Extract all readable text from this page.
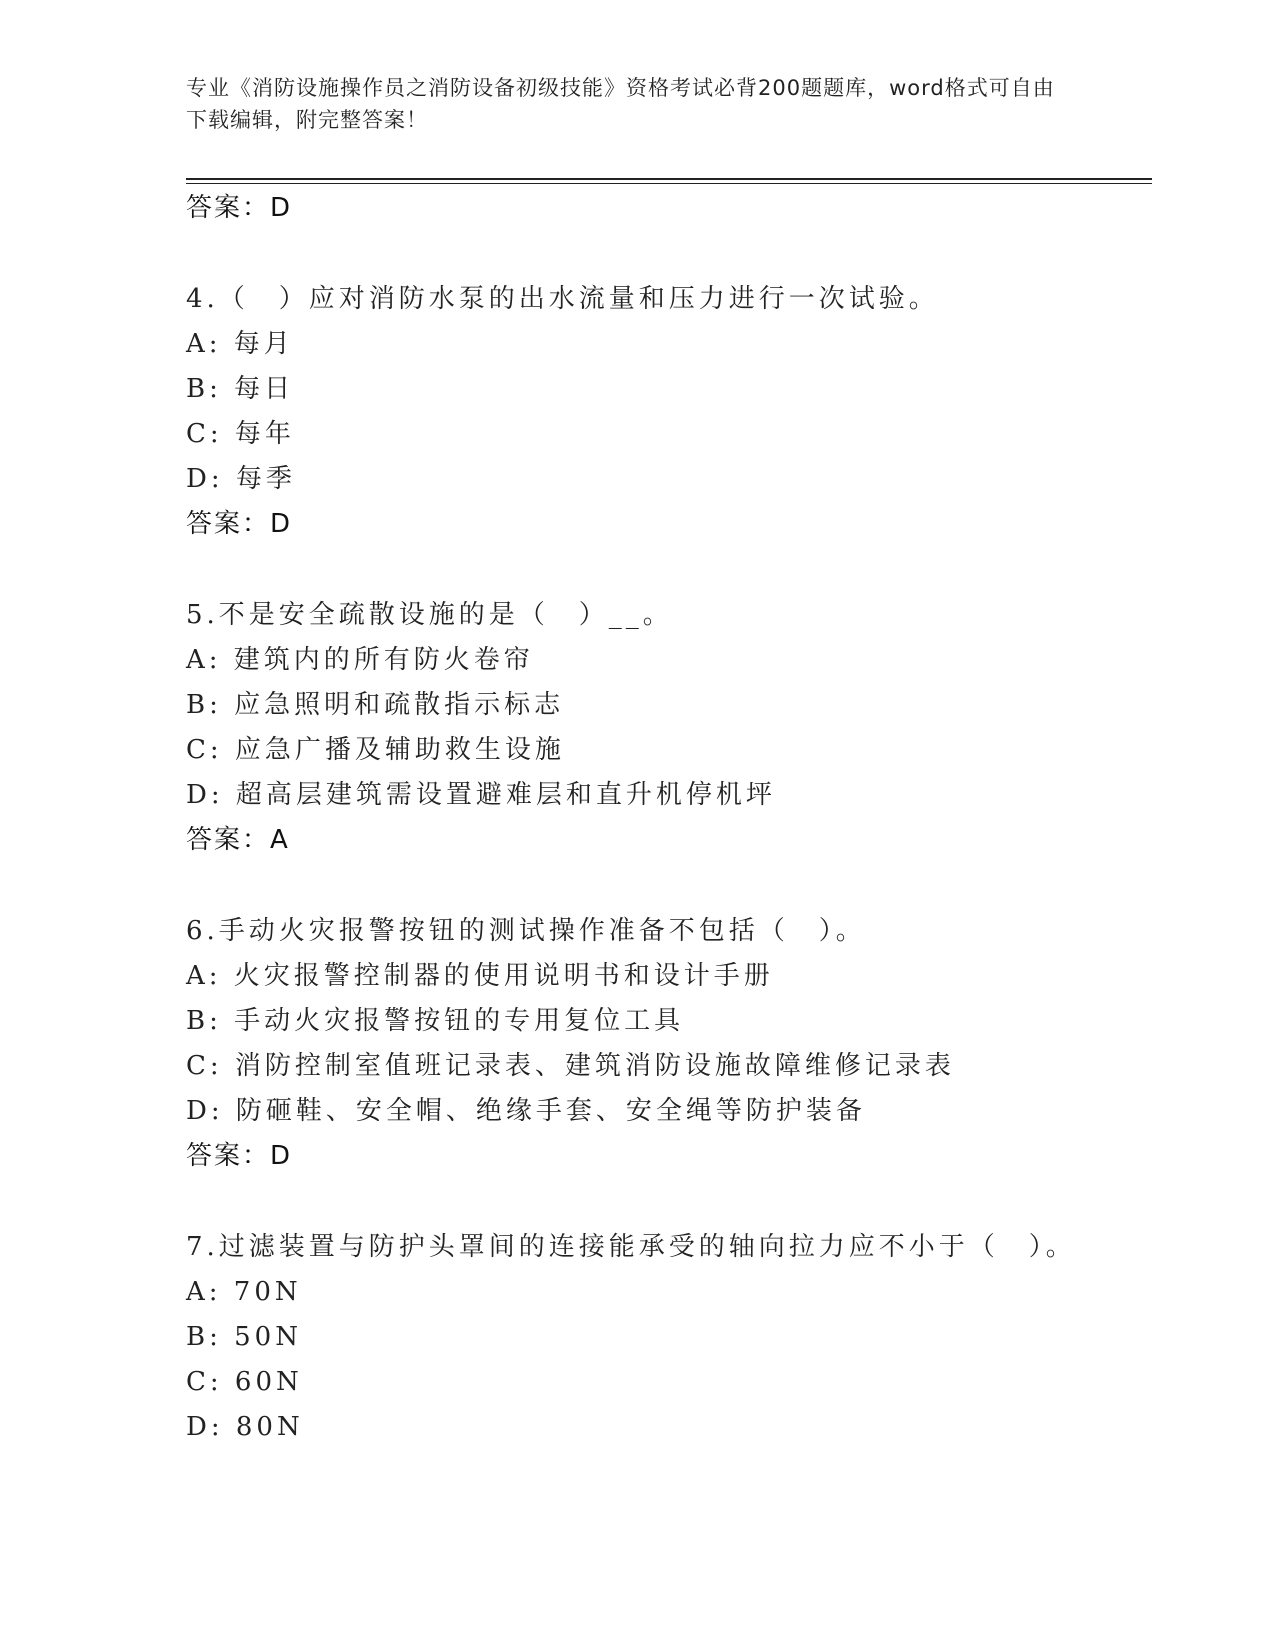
专业《消防设施操作员之消防设备初级技能》资格考试必背200题题库，word格式可自由下载编辑，附完整答案！
答案：D
4.（　）应对消防水泵的出水流量和压力进行一次试验。
A: 每月
B: 每日
C: 每年
D: 每季
答案：D
5.不是安全疏散设施的是（　）__。
A: 建筑内的所有防火卷帘
B: 应急照明和疏散指示标志
C: 应急广播及辅助救生设施
D: 超高层建筑需设置避难层和直升机停机坪
答案：A
6.手动火灾报警按钮的测试操作准备不包括（　）。
A: 火灾报警控制器的使用说明书和设计手册
B: 手动火灾报警按钮的专用复位工具
C: 消防控制室值班记录表、建筑消防设施故障维修记录表
D: 防砸鞋、安全帽、绝缘手套、安全绳等防护装备
答案：D
7.过滤装置与防护头罩间的连接能承受的轴向拉力应不小于（　）。
A: 70N
B: 50N
C: 60N
D: 80N
